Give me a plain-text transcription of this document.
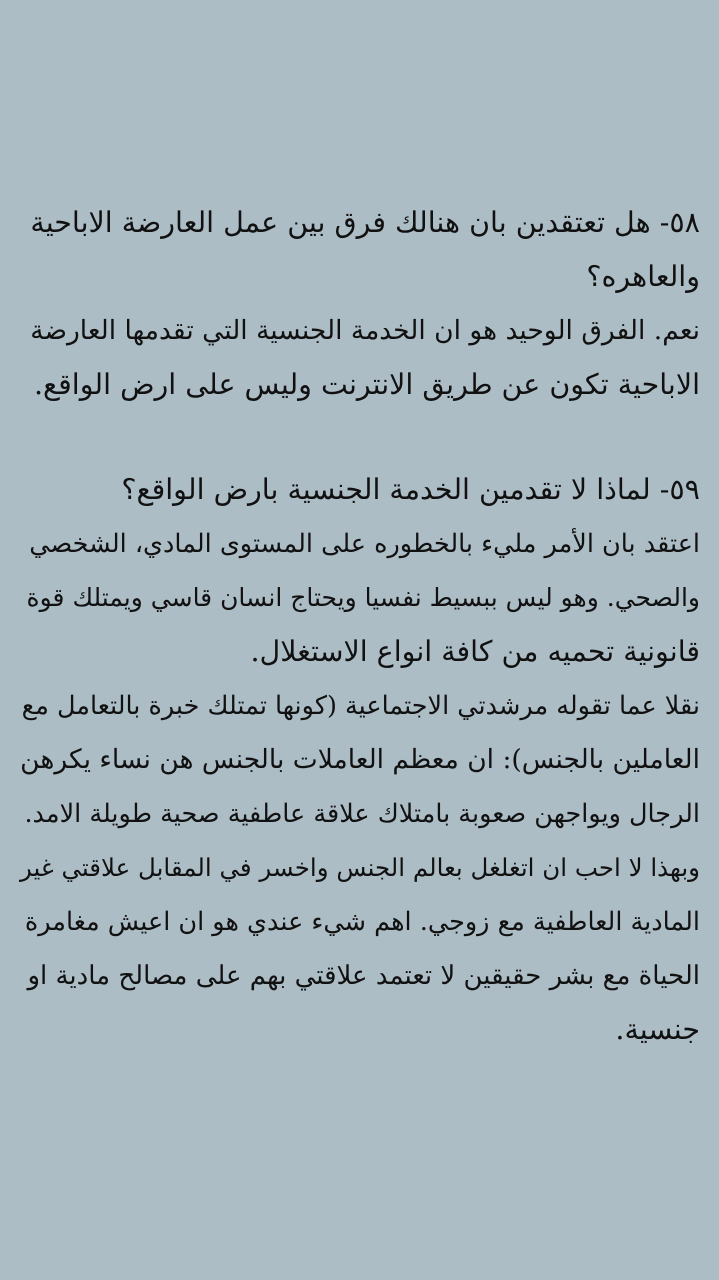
٥٨- هل تعتقدين بان هنالك فرق بين عمل العارضة الاباحية
والعاهره؟
نعم. الفرق الوحيد هو ان الخدمة الجنسية التي تقدمها العارضة
الاباحية تكون عن طريق الانترنت وليس على ارض الواقع.
٥٩- لماذا لا تقدمين الخدمة الجنسية بارض الواقع؟
اعتقد بان الأمر مليء بالخطوره على المستوى المادي، الشخصي
والصحي. وهو ليس ببسيط نفسيا ويحتاج انسان قاسي ويمتلك قوة
قانونية تحميه من كافة انواع الاستغلال.
نقلا عما تقوله مرشدتي الاجتماعية (كونها تمتلك خبرة بالتعامل مع
العاملين بالجنس): ان معظم العاملات بالجنس هن نساء يكرهن
الرجال ويواجهن صعوبة بامتلاك علاقة عاطفية صحية طويلة الامد.
وبهذا لا احب ان اتغلغل بعالم الجنس واخسر في المقابل علاقتي غير
المادية العاطفية مع زوجي. اهم شيء عندي هو ان اعيش مغامرة
الحياة مع بشر حقيقين لا تعتمد علاقتي بهم على مصالح مادية او
جنسية.
